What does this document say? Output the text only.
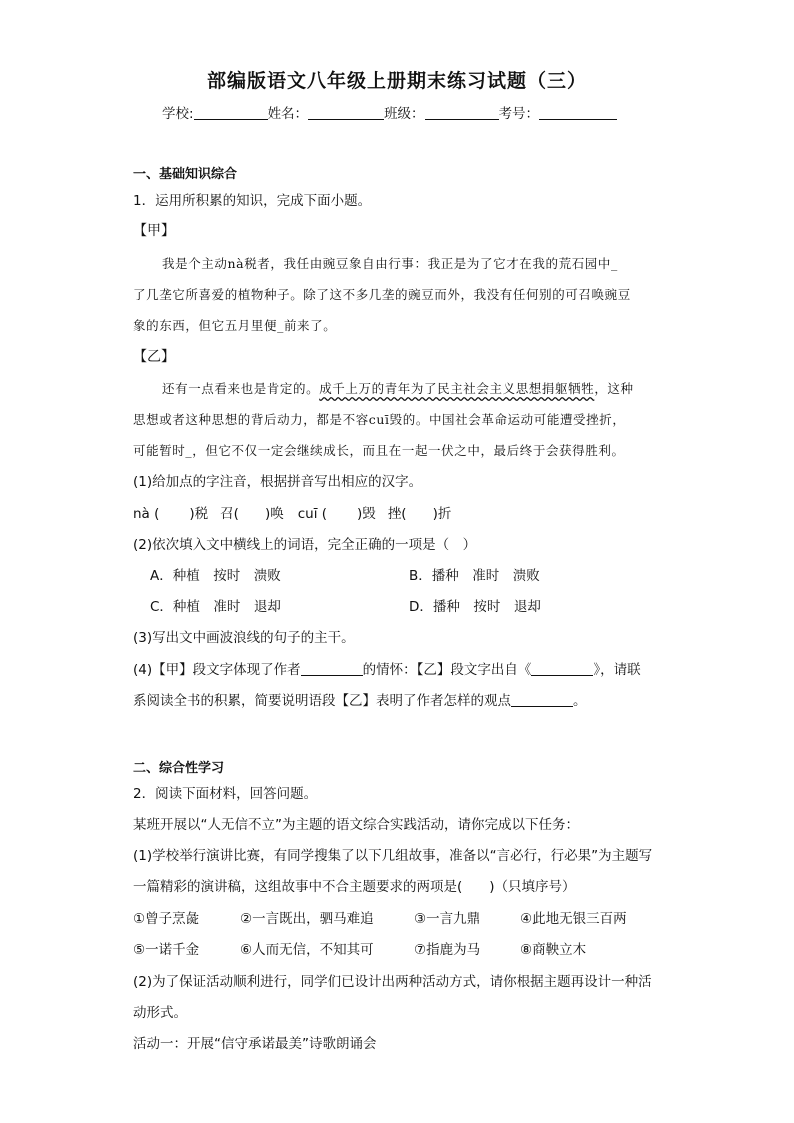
部编版语文八年级上册期末练习试题（三）
学校:	姓名：	班级：	考号：
一、基础知识综合
1．运用所积累的知识，完成下面小题。
【甲】
我是个主动nà税者，我任由豌豆象自由行事：我正是为了它才在我的荒石园中_
了几垄它所喜爱的植物种子。除了这不多几垄的豌豆而外，我没有任何别的可召唤豌豆
象的东西，但它五月里便_前来了。
【乙】
还有一点看来也是肯定的。成千上万的青年为了民主社会主义思想捐躯牺牲，这种
思想或者这种思想的背后动力，都是不容cuī毁的。中国社会革命运动可能遭受挫折，
可能暂时_，但它不仅一定会继续成长，而且在一起一伏之中，最后终于会获得胜利。
(1)给加点的字注音，根据拼音写出相应的汉字。
nà ( )税 召( )唤 cuī ( )毁 挫( )折
(2)依次填入文中横线上的词语，完全正确的一项是（　）
A．种植　按时　溃败	B．播种　准时　溃败
C．种植　准时　退却	D．播种　按时　退却
(3)写出文中画波浪线的句子的主干。
(4)【甲】段文字体现了作者	的情怀：【乙】段文字出自《	》，请联
系阅读全书的积累，简要说明语段【乙】表明了作者怎样的观点	。
二、综合性学习
2．阅读下面材料，回答问题。
某班开展以“人无信不立”为主题的语文综合实践活动，请你完成以下任务：
(1)学校举行演讲比赛，有同学搜集了以下几组故事，准备以“言必行，行必果”为主题写
一篇精彩的演讲稿，这组故事中不合主题要求的两项是(　　)（只填序号）
①曾子烹彘	②一言既出，驷马难追	③一言九鼎	④此地无银三百两
⑤一诺千金	⑥人而无信，不知其可	⑦指鹿为马	⑧商鞅立木
(2)为了保证活动顺利进行，同学们已设计出两种活动方式，请你根据主题再设计一种活
动形式。
活动一：开展“信守承诺最美”诗歌朗诵会
